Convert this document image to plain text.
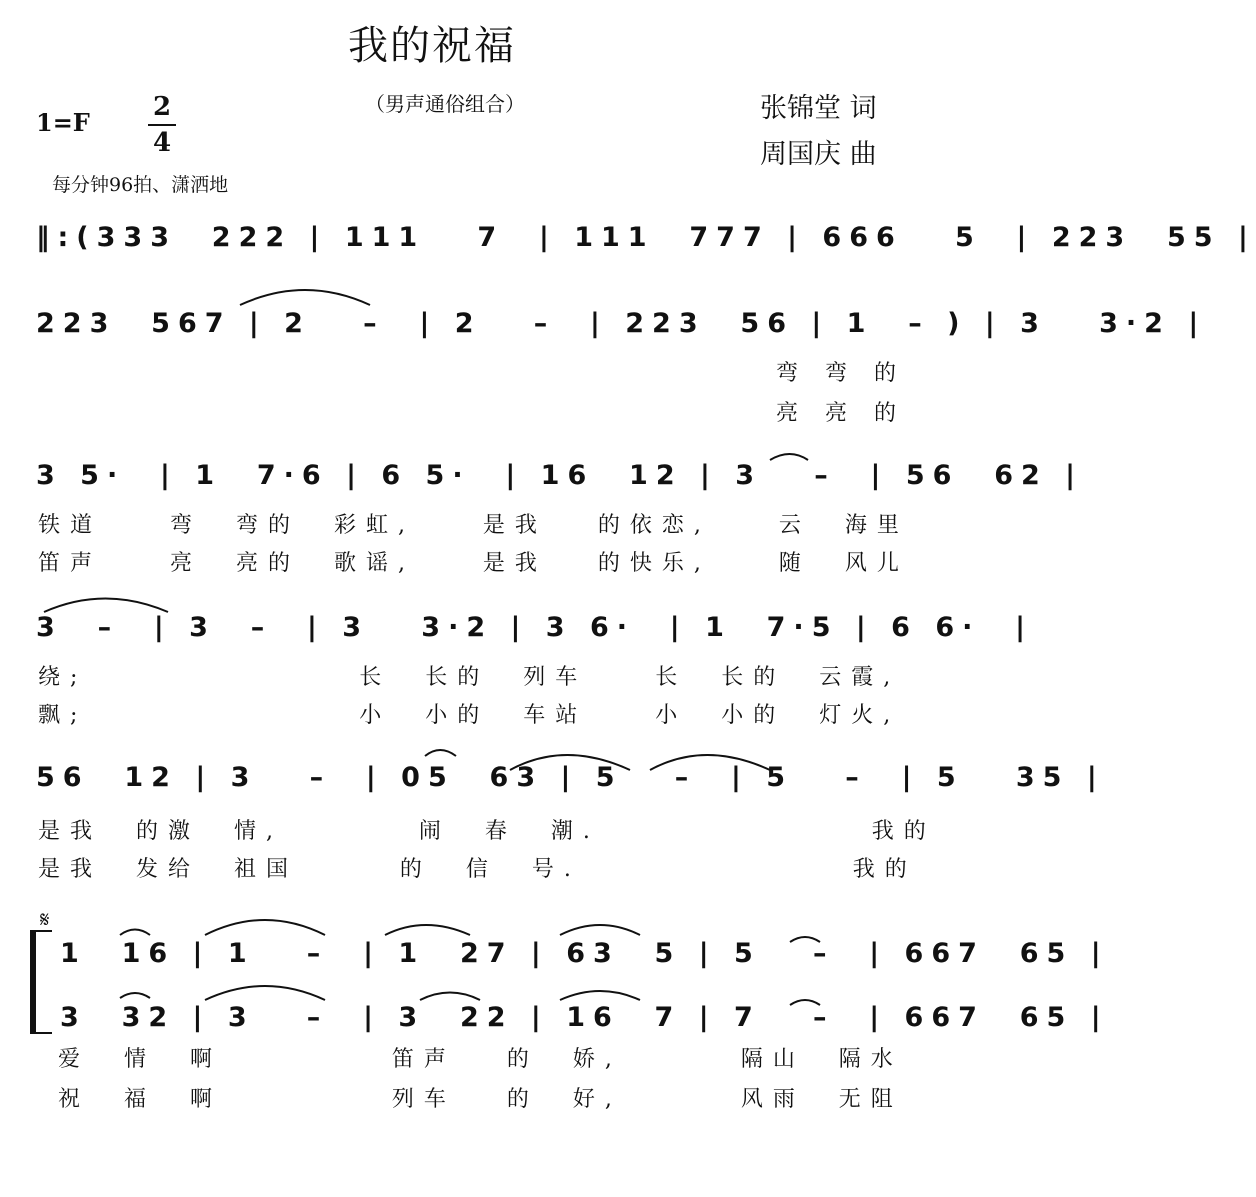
我的祝福
（男声通俗组合）	张锦堂 词
周国庆 曲
1=F
2
4
每分钟96拍、潇洒地
‖:(333  222 | 111   7  | 111  777 | 666   5  | 223  55 |
223  567 | 2   –  | 2   –  | 223  56 | 1  – ) | 3   3·2 |
弯 弯 的
亮 亮 的
3 5·  | 1  7·6 | 6 5·  | 16  12 | 3   –  | 56  62 |
铁道    弯  弯的  彩虹,    是我   的依恋,    云  海里
笛声    亮  亮的  歌谣,    是我   的快乐,    随  风儿
3  –  | 3  –  | 3   3·2 | 3 6·  | 1  7·5 | 6 6·  |
绕;                长  长的  列车    长  长的  云霞,
飘;                小  小的  车站    小  小的  灯火,
56  12 | 3   –  | 05  63 | 5   –  | 5   –  | 5   35 |
是我  的激  情,        闹  春  潮.                我的
是我  发给  祖国      的  信  号.                我的
𝄋
1  16 | 1   –  | 1  27 | 63  5 | 5   –  | 667  65 |
3  32 | 3   –  | 3  22 | 16  7 | 7   –  | 667  65 |
爱  情  啊          笛声   的  娇,       隔山  隔水
祝  福  啊          列车   的  好,       风雨  无阻
